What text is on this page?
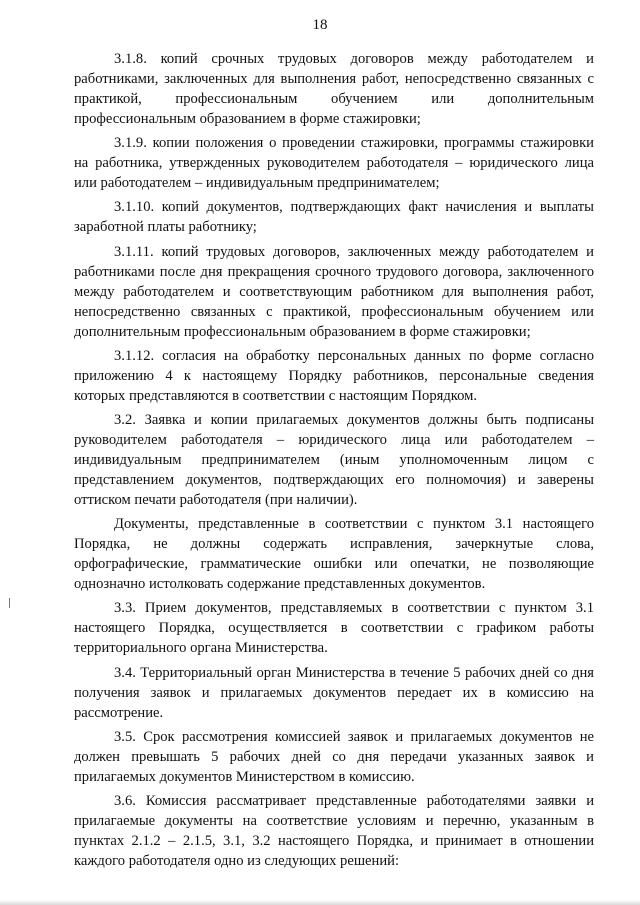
18

3.1.8. копий срочных трудовых договоров между работодателем и работниками, заключенных для выполнения работ, непосредственно связанных с практикой, профессиональным обучением или дополнительным профессиональным образованием в форме стажировки;

3.1.9. копии положения о проведении стажировки, программы стажировки на работника, утвержденных руководителем работодателя – юридического лица или работодателем – индивидуальным предпринимателем;

3.1.10. копий документов, подтверждающих факт начисления и выплаты заработной платы работнику;

3.1.11. копий трудовых договоров, заключенных между работодателем и работниками после дня прекращения срочного трудового договора, заключенного между работодателем и соответствующим работником для выполнения работ, непосредственно связанных с практикой, профессиональным обучением или дополнительным профессиональным образованием в форме стажировки;

3.1.12. согласия на обработку персональных данных по форме согласно приложению 4 к настоящему Порядку работников, персональные сведения которых представляются в соответствии с настоящим Порядком.

3.2. Заявка и копии прилагаемых документов должны быть подписаны руководителем работодателя – юридического лица или работодателем – индивидуальным предпринимателем (иным уполномоченным лицом с представлением документов, подтверждающих его полномочия) и заверены оттиском печати работодателя (при наличии).

Документы, представленные в соответствии с пунктом 3.1 настоящего Порядка, не должны содержать исправления, зачеркнутые слова, орфографические, грамматические ошибки или опечатки, не позволяющие однозначно истолковать содержание представленных документов.

3.3. Прием документов, представляемых в соответствии с пунктом 3.1 настоящего Порядка, осуществляется в соответствии с графиком работы территориального органа Министерства.

3.4. Территориальный орган Министерства в течение 5 рабочих дней со дня получения заявок и прилагаемых документов передает их в комиссию на рассмотрение.

3.5. Срок рассмотрения комиссией заявок и прилагаемых документов не должен превышать 5 рабочих дней со дня передачи указанных заявок и прилагаемых документов Министерством в комиссию.

3.6. Комиссия рассматривает представленные работодателями заявки и прилагаемые документы на соответствие условиям и перечню, указанным в пунктах 2.1.2 – 2.1.5, 3.1, 3.2 настоящего Порядка, и принимает в отношении каждого работодателя одно из следующих решений:
